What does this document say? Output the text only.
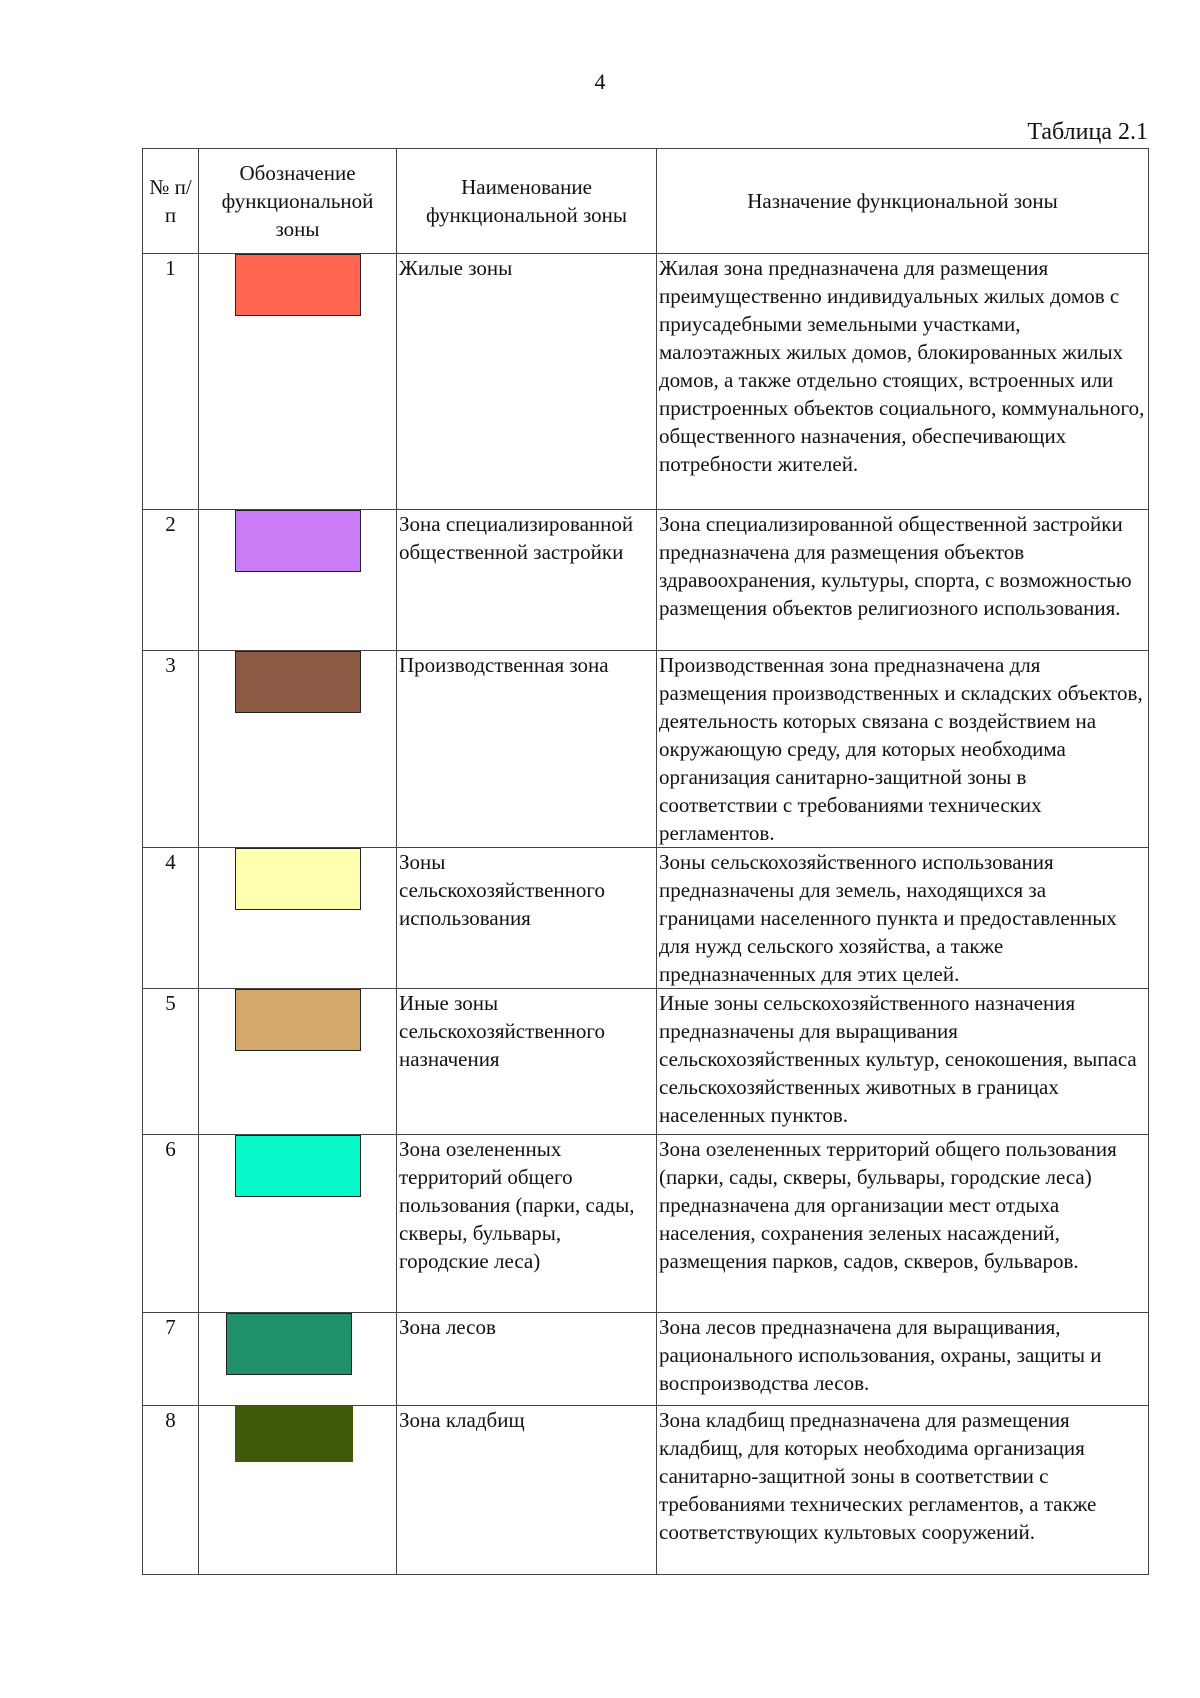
4
Таблица 2.1
№ п/п	Обозначение функциональной зоны	Наименование функциональной зоны	Назначение функциональной зоны
1		Жилые зоны	Жилая зона предназначена для размещения преимущественно индивидуальных жилых домов с приусадебными земельными участками, малоэтажных жилых домов, блокированных жилых домов, а также отдельно стоящих, встроенных или пристроенных объектов социального, коммунального, общественного назначения, обеспечивающих потребности жителей.
2		Зона специализированной общественной застройки	Зона специализированной общественной застройки предназначена для размещения объектов здравоохранения, культуры, спорта, с возможностью размещения объектов религиозного использования.
3		Производственная зона	Производственная зона предназначена для размещения производственных и складских объектов, деятельность которых связана с воздействием на окружающую среду, для которых необходима организация санитарно-защитной зоны в соответствии с требованиями технических регламентов.
4		Зоны сельскохозяйственного использования	Зоны сельскохозяйственного использования предназначены для земель, находящихся за границами населенного пункта и предоставленных для нужд сельского хозяйства, а также предназначенных для этих целей.
5		Иные зоны сельскохозяйственного назначения	Иные зоны сельскохозяйственного назначения предназначены для выращивания сельскохозяйственных культур, сенокошения, выпаса сельскохозяйственных животных в границах населенных пунктов.
6		Зона озелененных территорий общего пользования (парки, сады, скверы, бульвары, городские леса)	Зона озелененных территорий общего пользования (парки, сады, скверы, бульвары, городские леса) предназначена для организации мест отдыха населения, сохранения зеленых насаждений, размещения парков, садов, скверов, бульваров.
7		Зона лесов	Зона лесов предназначена для выращивания, рационального использования, охраны, защиты и воспроизводства лесов.
8		Зона кладбищ	Зона кладбищ предназначена для размещения кладбищ, для которых необходима организация санитарно-защитной зоны в соответствии с требованиями технических регламентов, а также соответствующих культовых сооружений.
